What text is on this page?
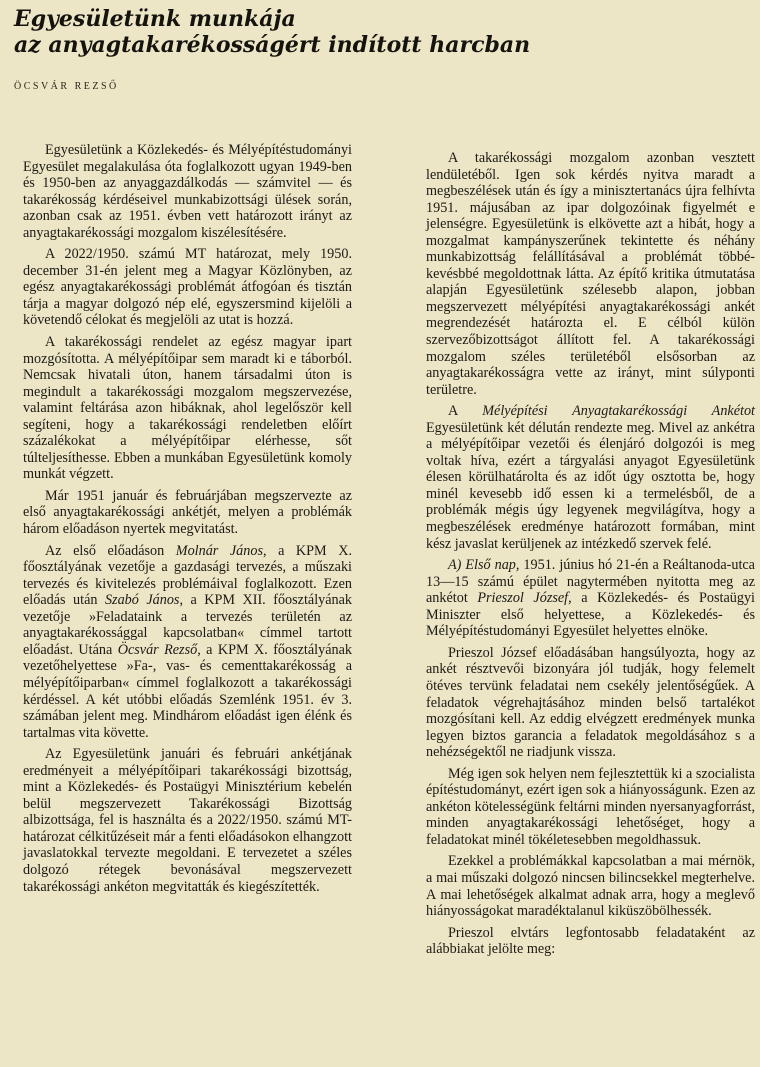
Egyesületünk munkája
az anyagtakarékosságért indított harcban
ÖCSVÁR REZSŐ

Egyesületünk a Közlekedés- és Mélyépítéstudományi Egyesület megalakulása óta foglalkozott ugyan 1949-ben és 1950-ben az anyaggazdálkodás — számvitel — és takarékosság kérdéseivel munkabizottsági ülések során, azonban csak az 1951. évben vett határozott irányt az anyagtakarékossági mozgalom kiszélesítésére.

A 2022/1950. számú MT határozat, mely 1950. december 31-én jelent meg a Magyar Közlönyben, az egész anyagtakarékossági problémát átfogóan és tisztán tárja a magyar dolgozó nép elé, egyszersmind kijelöli a követendő célokat és megjelöli az utat is hozzá.

A takarékossági rendelet az egész magyar ipart mozgósította. A mélyépítőipar sem maradt ki e táborból. Nemcsak hivatali úton, hanem társadalmi úton is megindult a takarékossági mozgalom megszervezése, valamint feltárása azon hibáknak, ahol legelőször kell segíteni, hogy a takarékossági rendeletben előírt százalékokat a mélyépítőipar elérhesse, sőt túlteljesíthesse. Ebben a munkában Egyesületünk komoly munkát végzett.

Már 1951 január és februárjában megszervezte az első anyagtakarékossági ankétjét, melyen a problémák három előadáson nyertek megvitatást.

Az első előadáson Molnár János, a KPM X. főosztályának vezetője a gazdasági tervezés, a műszaki tervezés és kivitelezés problémáival foglalkozott. Ezen előadás után Szabó János, a KPM XII. főosztályának vezetője »Feladataink a tervezés területén az anyagtakarékossággal kapcsolatban« címmel tartott előadást. Utána Öcsvár Rezső, a KPM X. főosztályának vezetőhelyettese »Fa-, vas- és cementtakarékosság a mélyépítőiparban« címmel foglalkozott a takarékossági kérdéssel. A két utóbbi előadás Szemlénk 1951. év 3. számában jelent meg. Mindhárom előadást igen élénk és tartalmas vita követte.

Az Egyesületünk januári és februári ankétjának eredményeit a mélyépítőipari takarékossági bizottság, mint a Közlekedés- és Postaügyi Minisztérium kebelén belül megszervezett Takarékossági Bizottság albizottsága, fel is használta és a 2022/1950. számú MT-határozat célkitűzéseit már a fenti előadásokon elhangzott javaslatokkal tervezte megoldani. E tervezetet a széles dolgozó rétegek bevonásával megszervezett takarékossági ankéton megvitatták és kiegészítették.

A takarékossági mozgalom azonban vesztett lendületéből. Igen sok kérdés nyitva maradt a megbeszélések után és így a minisztertanács újra felhívta 1951. májusában az ipar dolgozóinak figyelmét e jelenségre. Egyesületünk is elkövette azt a hibát, hogy a mozgalmat kampányszerűnek tekintette és néhány munkabizottság felállításával a problémát többé-kevésbbé megoldottnak látta. Az építő kritika útmutatása alapján Egyesületünk szélesebb alapon, jobban megszervezett mélyépítési anyagtakarékossági ankét megrendezését határozta el. E célból külön szervezőbizottságot állított fel. A takarékossági mozgalom széles területéből elsősorban az anyagtakarékosságra vette az irányt, mint súlyponti területre.

A Mélyépítési Anyagtakarékossági Ankétot Egyesületünk két délután rendezte meg. Mivel az ankétra a mélyépítőipar vezetői és élenjáró dolgozói is meg voltak híva, ezért a tárgyalási anyagot Egyesületünk élesen körülhatárolta és az időt úgy osztotta be, hogy minél kevesebb idő essen ki a termelésből, de a problémák mégis úgy legyenek megvilágítva, hogy a megbeszélések eredménye határozott formában, mint kész javaslat kerüljenek az intézkedő szervek felé.

A) Első nap, 1951. június hó 21-én a Reáltanoda-utca 13—15 számú épület nagytermében nyitotta meg az ankétot Prieszol József, a Közlekedés- és Postaügyi Miniszter első helyettese, a Közlekedés- és Mélyépítéstudományi Egyesület helyettes elnöke.

Prieszol József előadásában hangsúlyozta, hogy az ankét résztvevői bizonyára jól tudják, hogy felemelt ötéves tervünk feladatai nem csekély jelentőségűek. A feladatok végrehajtásához minden belső tartalékot mozgósítani kell. Az eddig elvégzett eredmények munka legyen biztos garancia a feladatok megoldásához s a nehézségektől ne riadjunk vissza.

Még igen sok helyen nem fejlesztettük ki a szocialista építéstudományt, ezért igen sok a hiányosságunk. Ezen az ankéton kötelességünk feltárni minden nyersanyagforrást, minden anyagtakarékossági lehetőséget, hogy a feladatokat minél tökéletesebben megoldhassuk.

Ezekkel a problémákkal kapcsolatban a mai mérnök, a mai műszaki dolgozó nincsen bilincsekkel megterhelve. A mai lehetőségek alkalmat adnak arra, hogy a meglevő hiányosságokat maradéktalanul kiküszöbölhessék.

Prieszol elvtárs legfontosabb feladataként az alábbiakat jelölte meg:
